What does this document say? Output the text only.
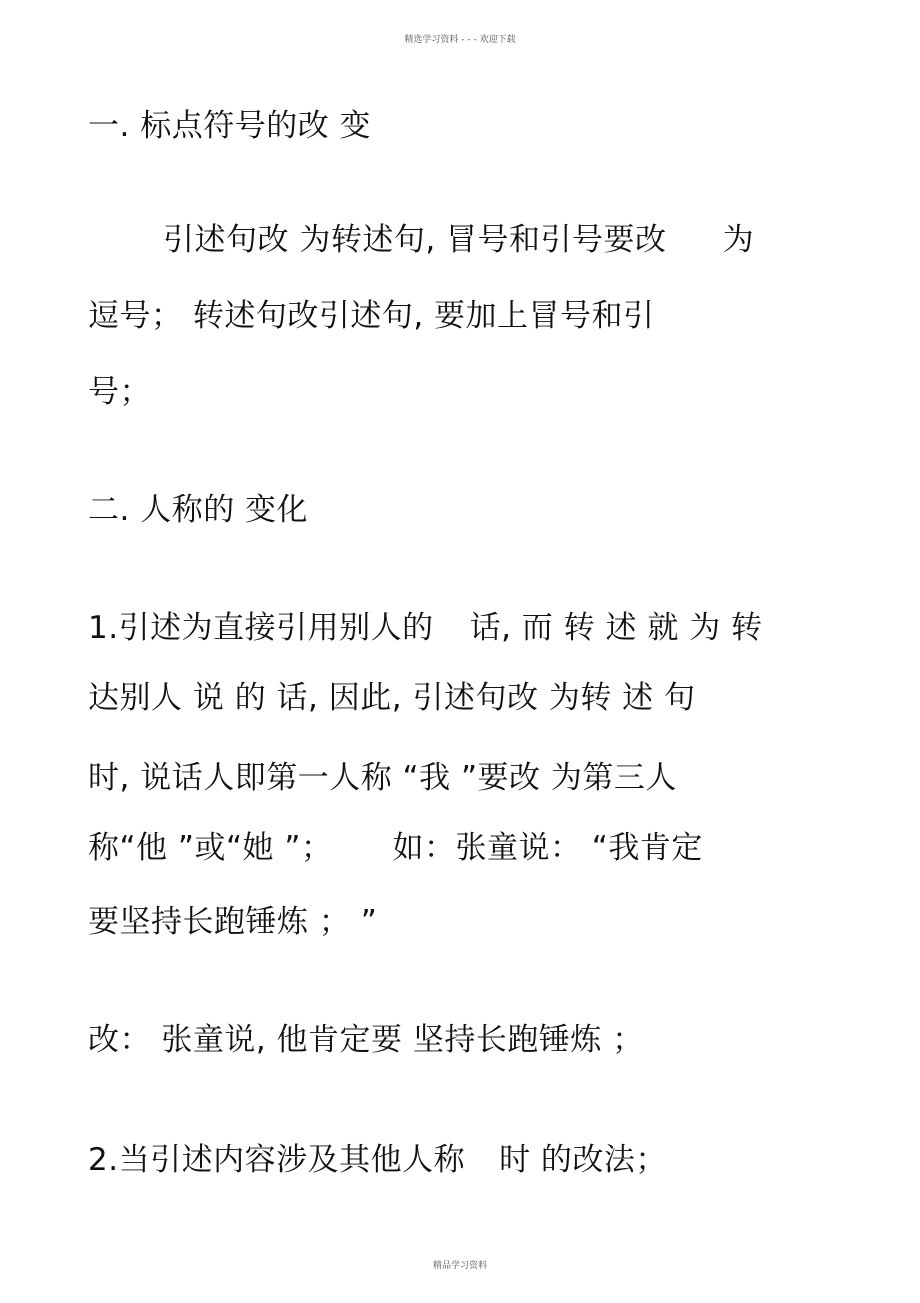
精选学习资料 - - - 欢迎下载
一. 标点符号的改 变
引述句改 为转述句, 冒号和引号要改 为
逗号； 转述句改引述句, 要加上冒号和引
号；
二. 人称的 变化
1.引述为直接引用别人的 话, 而 转 述 就 为 转
达别人 说 的 话, 因此, 引述句改 为转 述 句
时, 说话人即第一人称 “我 ”要改 为第三人
称“他 ”或“她 ”； 如：张童说： “我肯定
要坚持长跑锤炼 ； ”
改： 张童说, 他肯定要 坚持长跑锤炼 ；
2.当引述内容涉及其他人称 时 的改法；
精品学习资料
